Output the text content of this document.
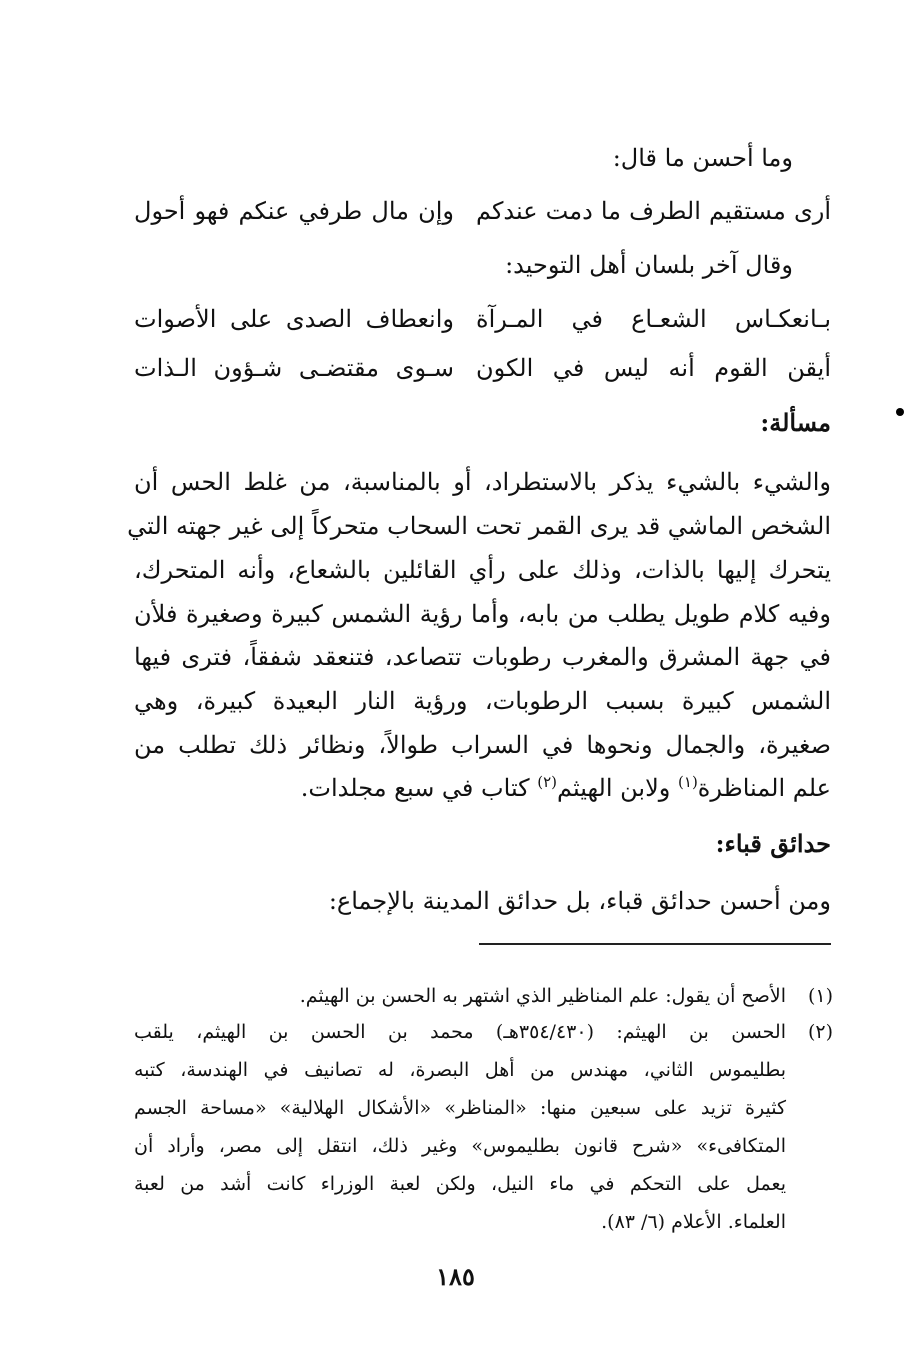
وما أحسن ما قال:
أرى مستقيم الطرف ما دمت عندكم
وإن مال طرفي عنكم فهو أحول
وقال آخر بلسان أهل التوحيد:
بـانعكـاس الشعـاع في المـرآة
وانعطاف الصدى على الأصوات
أيقن القوم أنه ليس في الكون
سـوى مقتضـى شـؤون الـذات
مسألة:
والشيء بالشيء يذكر بالاستطراد، أو بالمناسبة، من غلط الحس أن
الشخص الماشي قد يرى القمر تحت السحاب متحركاً إلى غير جهته التي
يتحرك إليها بالذات، وذلك على رأي القائلين بالشعاع، وأنه المتحرك،
وفيه كلام طويل يطلب من بابه، وأما رؤية الشمس كبيرة وصغيرة فلأن
في جهة المشرق والمغرب رطوبات تتصاعد، فتنعقد شفقاً، فترى فيها
الشمس كبيرة بسبب الرطوبات، ورؤية النار البعيدة كبيرة، وهي
صغيرة، والجمال ونحوها في السراب طوالاً، ونظائر ذلك تطلب من
علم المناظرة$^{(١)}$ ولابن الهيثم$^{(٢)}$ كتاب في سبع مجلدات.
حدائق قباء:
ومن أحسن حدائق قباء، بل حدائق المدينة بالإجماع:
(١)
الأصح أن يقول: علم المناظير الذي اشتهر به الحسن بن الهيثم.
(٢)
الحسن بن الهيثم: (٣٥٤/٤٣٠هـ) محمد بن الحسن بن الهيثم، يلقب
بطليموس الثاني، مهندس من أهل البصرة، له تصانيف في الهندسة، كتبه
كثيرة تزيد على سبعين منها: «المناظر» «الأشكال الهلالية» «مساحة الجسم
المتكافىء» «شرح قانون بطليموس» وغير ذلك، انتقل إلى مصر، وأراد أن
يعمل على التحكم في ماء النيل، ولكن لعبة الوزراء كانت أشد من لعبة
العلماء. الأعلام (٦/ ٨٣).
١٨٥
